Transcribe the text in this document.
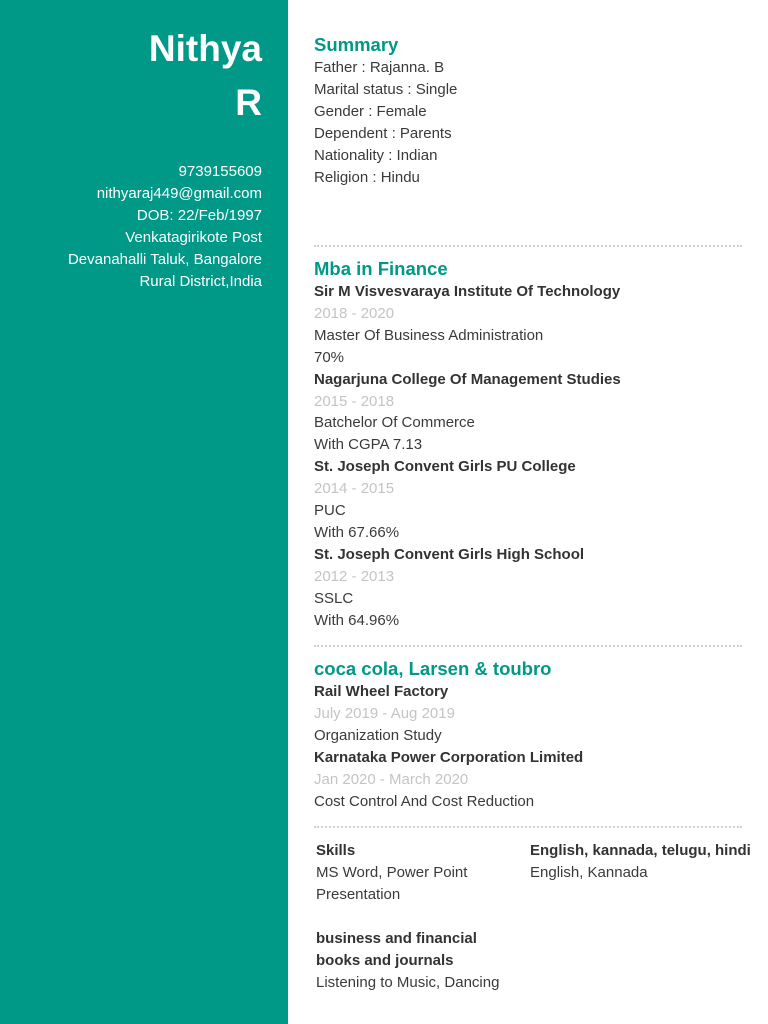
Nithya
R
9739155609
nithyaraj449@gmail.com
DOB: 22/Feb/1997
Venkatagirikote Post
Devanahalli Taluk, Bangalore
Rural District,India
Summary
Father : Rajanna. B
Marital status : Single
Gender : Female
Dependent : Parents
Nationality : Indian
Religion : Hindu
Mba in Finance
Sir M Visvesvaraya Institute Of Technology
2018 - 2020
Master Of Business Administration
70%
Nagarjuna College Of Management Studies
2015 - 2018
Batchelor Of Commerce
With CGPA 7.13
St. Joseph Convent Girls PU College
2014 - 2015
PUC
With 67.66%
St. Joseph Convent Girls High School
2012 - 2013
SSLC
With 64.96%
coca cola, Larsen & toubro
Rail Wheel Factory
July 2019 - Aug 2019
Organization Study
Karnataka Power Corporation Limited
Jan 2020 - March 2020
Cost Control And Cost Reduction
Skills
MS Word, Power Point Presentation
business and financial books and journals
Listening to Music, Dancing
English, kannada, telugu, hindi
English, Kannada
